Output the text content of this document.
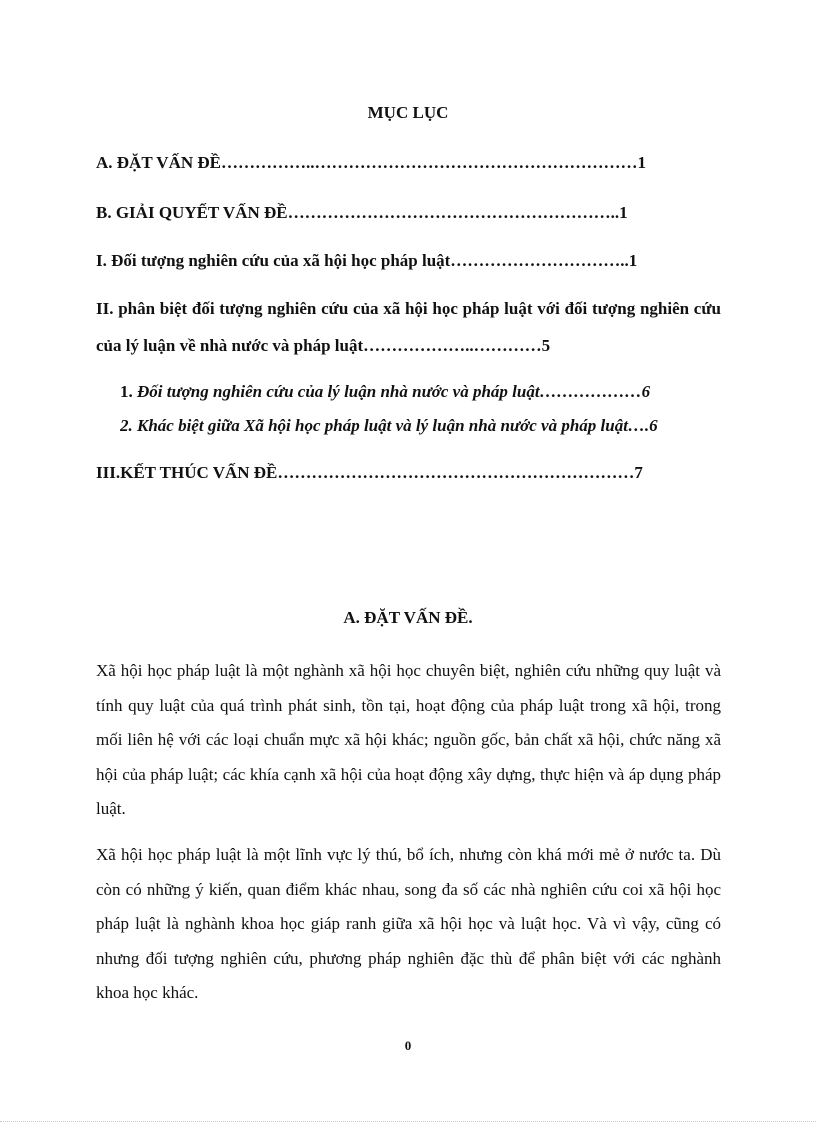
MỤC LỤC
A. ĐẶT VẤN ĐỀ……………..…………………………………………………1
B. GIẢI QUYẾT VẤN ĐỀ…………………………………………………..1
I. Đối tượng nghiên cứu của xã hội học pháp luật…………………………..1
II. phân biệt đối tượng nghiên cứu của xã hội học pháp luật với đối tượng nghiên cứu của lý luận về nhà nước và pháp luật………………..…………5
1. Đối tượng nghiên cứu của lý luận nhà nước và pháp luật………………6
2. Khác biệt giữa Xã hội học pháp luật và lý luận nhà nước và pháp luật….6
III.KẾT THÚC VẤN ĐỀ………………………………………………………7
A. ĐẶT VẤN ĐỀ.
Xã hội học pháp luật là một nghành xã hội học chuyên biệt, nghiên cứu những quy luật và tính quy luật của quá trình phát sinh, tồn tại, hoạt động của pháp luật trong xã hội, trong mối liên hệ với các loại chuẩn mực xã hội khác; nguồn gốc, bản chất xã hội, chức năng xã hội của pháp luật; các khía cạnh xã hội của hoạt động xây dựng, thực hiện và áp dụng pháp luật.
Xã hội học pháp luật là một lĩnh vực lý thú, bổ ích, nhưng còn khá mới mẻ ở nước ta. Dù còn có những ý kiến, quan điểm khác nhau, song đa số các nhà nghiên cứu coi xã hội học pháp luật là nghành khoa học giáp ranh giữa xã hội học và luật học. Và vì vậy, cũng có nhưng đối tượng nghiên cứu, phương pháp nghiên đặc thù để phân biệt với các nghành khoa học khác.
0
